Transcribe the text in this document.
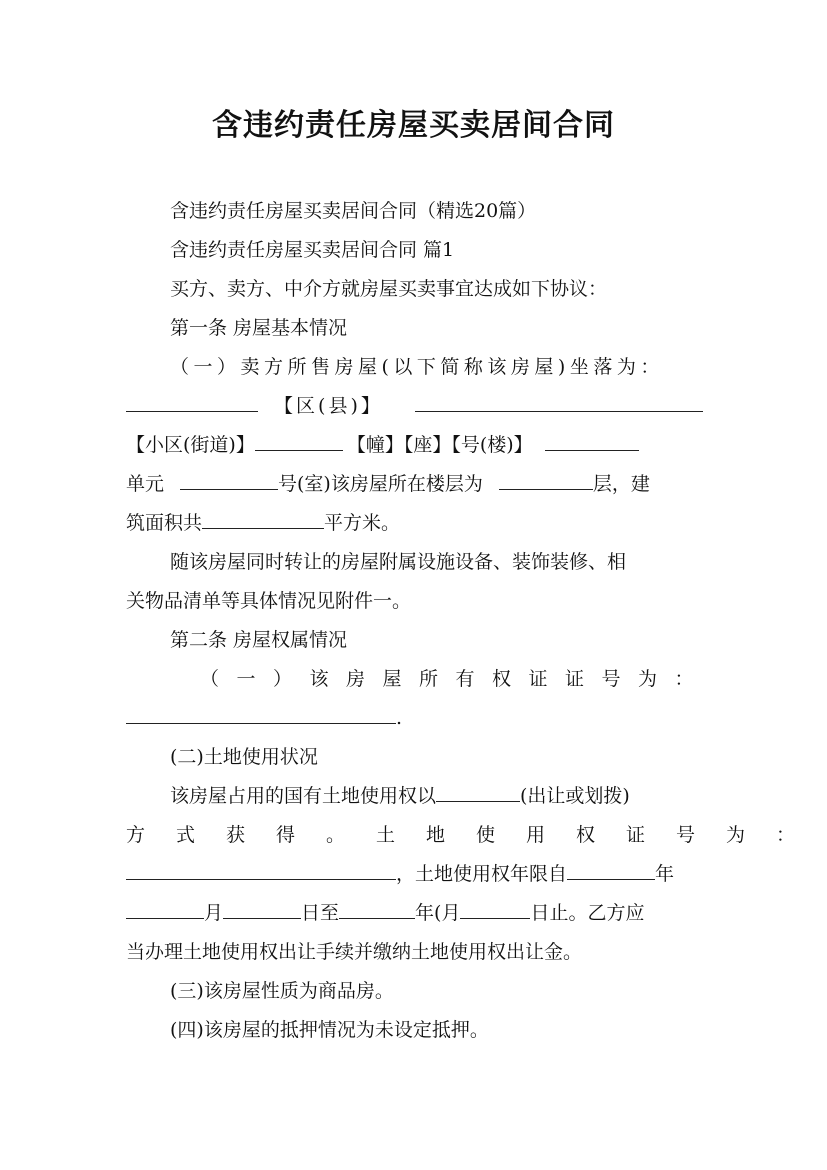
含违约责任房屋买卖居间合同
含违约责任房屋买卖居间合同（精选20篇）
含违约责任房屋买卖居间合同 篇1
买方、卖方、中介方就房屋买卖事宜达成如下协议：
第一条 房屋基本情况
（一）卖方所售房屋(以下简称该房屋)坐落为：
【区(县)】
【小区(街道)】	【幢】【座】【号(楼)】
单元	号(室)该房屋所在楼层为	层，建
筑面积共	平方米。
随该房屋同时转让的房屋附属设施设备、装饰装修、相
关物品清单等具体情况见附件一。
第二条 房屋权属情况
（一）该房屋所有权证证号为：
.
(二)土地使用状况
该房屋占用的国有土地使用权以	(出让或划拨)
方式获得。土地使用权证号为：
，土地使用权年限自	年
月	日至	年(月	日止。乙方应
当办理土地使用权出让手续并缴纳土地使用权出让金。
(三)该房屋性质为商品房。
(四)该房屋的抵押情况为未设定抵押。
